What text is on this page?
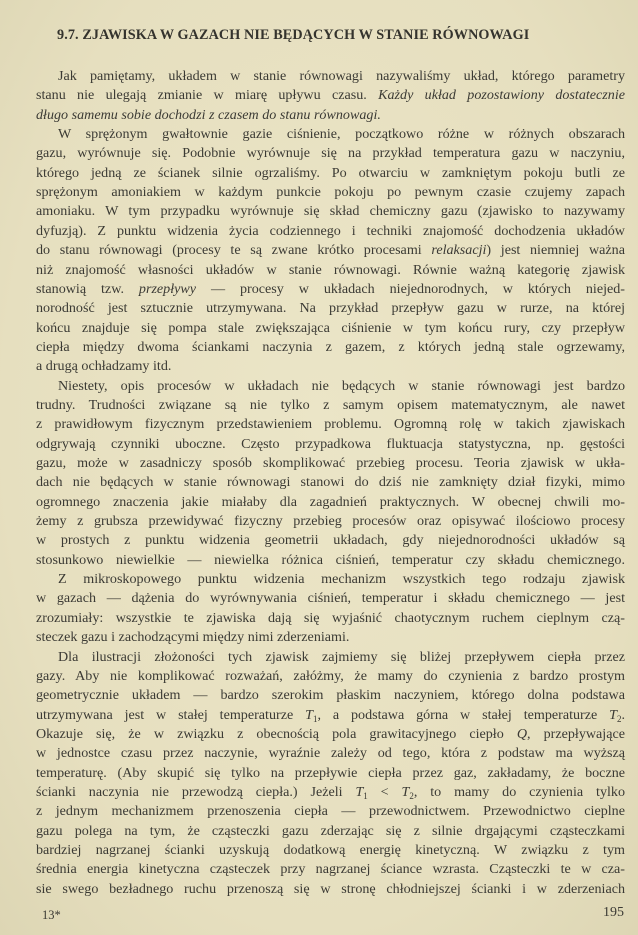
9.7. ZJAWISKA W GAZACH NIE BĘDĄCYCH W STANIE RÓWNOWAGI
Jak pamiętamy, układem w stanie równowagi nazywaliśmy układ, którego parametry
stanu nie ulegają zmianie w miarę upływu czasu. Każdy układ pozostawiony dostatecznie
długo samemu sobie dochodzi z czasem do stanu równowagi.
W sprężonym gwałtownie gazie ciśnienie, początkowo różne w różnych obszarach
gazu, wyrównuje się. Podobnie wyrównuje się na przykład temperatura gazu w naczyniu,
którego jedną ze ścianek silnie ogrzaliśmy. Po otwarciu w zamkniętym pokoju butli ze
sprężonym amoniakiem w każdym punkcie pokoju po pewnym czasie czujemy zapach
amoniaku. W tym przypadku wyrównuje się skład chemiczny gazu (zjawisko to nazywamy
dyfuzją). Z punktu widzenia życia codziennego i techniki znajomość dochodzenia układów
do stanu równowagi (procesy te są zwane krótko procesami relaksacji) jest niemniej ważna
niż znajomość własności układów w stanie równowagi. Równie ważną kategorię zjawisk
stanowią tzw. przepływy — procesy w układach niejednorodnych, w których niejed-
norodność jest sztucznie utrzymywana. Na przykład przepływ gazu w rurze, na której
końcu znajduje się pompa stale zwiększająca ciśnienie w tym końcu rury, czy przepływ
ciepła między dwoma ściankami naczynia z gazem, z których jedną stale ogrzewamy,
a drugą ochładzamy itd.
Niestety, opis procesów w układach nie będących w stanie równowagi jest bardzo
trudny. Trudności związane są nie tylko z samym opisem matematycznym, ale nawet
z prawidłowym fizycznym przedstawieniem problemu. Ogromną rolę w takich zjawiskach
odgrywają czynniki uboczne. Często przypadkowa fluktuacja statystyczna, np. gęstości
gazu, może w zasadniczy sposób skomplikować przebieg procesu. Teoria zjawisk w ukła-
dach nie będących w stanie równowagi stanowi do dziś nie zamknięty dział fizyki, mimo
ogromnego znaczenia jakie miałaby dla zagadnień praktycznych. W obecnej chwili mo-
żemy z grubsza przewidywać fizyczny przebieg procesów oraz opisywać ilościowo procesy
w prostych z punktu widzenia geometrii układach, gdy niejednorodności układów są
stosunkowo niewielkie — niewielka różnica ciśnień, temperatur czy składu chemicznego.
Z mikroskopowego punktu widzenia mechanizm wszystkich tego rodzaju zjawisk
w gazach — dążenia do wyrównywania ciśnień, temperatur i składu chemicznego — jest
zrozumiały: wszystkie te zjawiska dają się wyjaśnić chaotycznym ruchem cieplnym czą-
steczek gazu i zachodzącymi między nimi zderzeniami.
Dla ilustracji złożoności tych zjawisk zajmiemy się bliżej przepływem ciepła przez
gazy. Aby nie komplikować rozważań, załóżmy, że mamy do czynienia z bardzo prostym
geometrycznie układem — bardzo szerokim płaskim naczyniem, którego dolna podstawa
utrzymywana jest w stałej temperaturze $T_1$, a podstawa górna w stałej temperaturze $T_2$.
Okazuje się, że w związku z obecnością pola grawitacyjnego ciepło Q, przepływające
w jednostce czasu przez naczynie, wyraźnie zależy od tego, która z podstaw ma wyższą
temperaturę. (Aby skupić się tylko na przepływie ciepła przez gaz, zakładamy, że boczne
ścianki naczynia nie przewodzą ciepła.) Jeżeli $T_1 < T_2$, to mamy do czynienia tylko
z jednym mechanizmem przenoszenia ciepła — przewodnictwem. Przewodnictwo cieplne
gazu polega na tym, że cząsteczki gazu zderzając się z silnie drgającymi cząsteczkami
bardziej nagrzanej ścianki uzyskują dodatkową energię kinetyczną. W związku z tym
średnia energia kinetyczna cząsteczek przy nagrzanej ściance wzrasta. Cząsteczki te w cza-
sie swego bezładnego ruchu przenoszą się w stronę chłodniejszej ścianki i w zderzeniach
13*	195
